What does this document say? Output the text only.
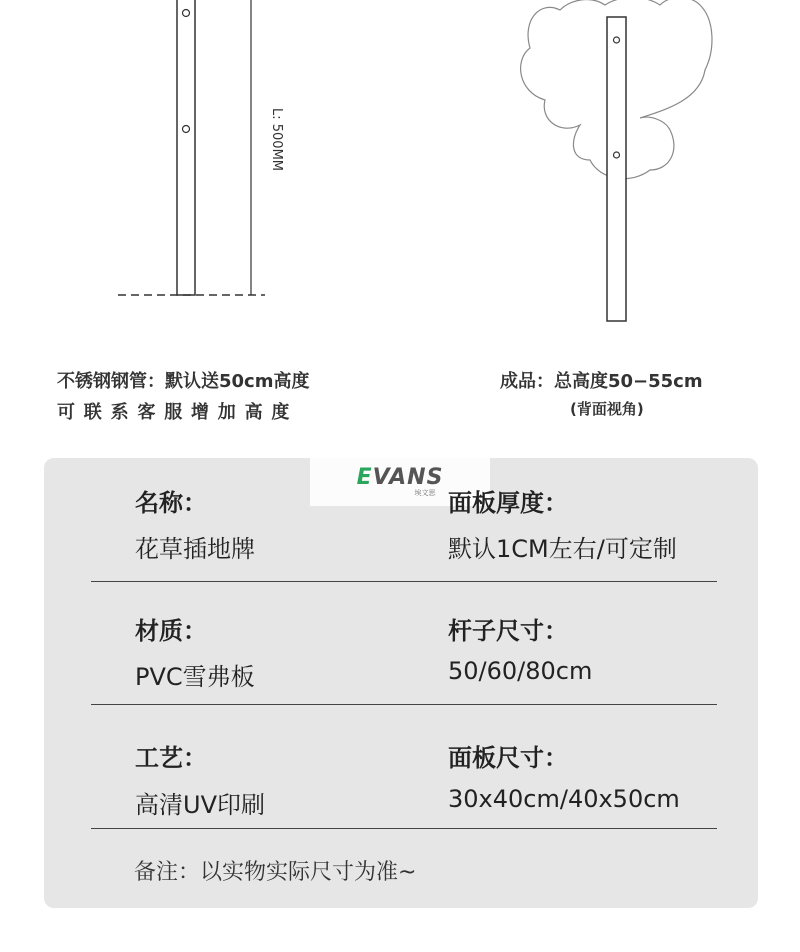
L: 500MM
不锈钢钢管：默认送50cm高度
可联系客服增加高度
成品：总高度50−55cm
(背面视角)
EVANS
埃文思
名称：
花草插地牌
面板厚度：
默认1CM左右/可定制
材质：
PVC雪弗板
杆子尺寸：
50/60/80cm
工艺：
高清UV印刷
面板尺寸：
30x40cm/40x50cm
备注：以实物实际尺寸为准~
